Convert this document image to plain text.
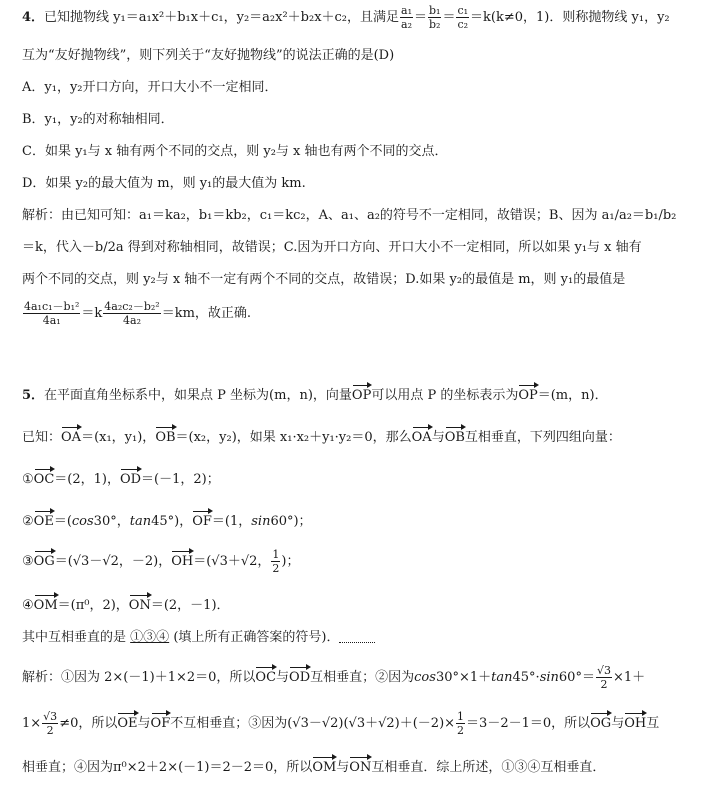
4．已知抛物线 y₁＝a₁x²＋b₁x＋c₁，y₂＝a₂x²＋b₂x＋c₂，且满足 $\frac{\text{a₁}}{\text{a₂}} = \frac{\text{b₁}}{\text{b₂}} = \frac{\text{c₁}}{\text{c₂}} =k(k\ne 0$，1)．则称抛物线 y₁，y₂
互为“友好抛物线”，则下列关于“友好抛物线”的说法正确的是(D)
A．y₁，y₂开口方向，开口大小不一定相同．
B．y₁，y₂的对称轴相同．
C．如果 y₁与 x 轴有两个不同的交点，则 y₂与 x 轴也有两个不同的交点．
D．如果 y₂的最大值为 m，则 y₁的最大值为 km.
解析：由已知可知：a₁＝ka₂，b₁＝kb₂，c₁＝kc₂，A、a₁、a₂的符号不一定相同，故错误；B、因为 a₁/a₂＝b₁/b₂
＝k，代入－b/2a 得到对称轴相同，故错误；C.因为开口方向、开口大小不一定相同，所以如果 y₁与 x 轴有
两个不同的交点，则 y₂与 x 轴不一定有两个不同的交点，故错误；D.如果 y₂的最值是 m，则 y₁的最值是
$\frac{\text{4a₁c₁－b₁²}}{\text{4a₁}} =k \frac{\text{4a₂c₂－b₂²}}{\text{4a₂}} =km$，故正确.
5．在平面直角坐标系中，如果点 P 坐标为(m，n)，向量OP可以用点 P 的坐标表示为OP＝(m，n)．
已知：OA＝(x₁，y₁)，OB＝(x₂，y₂)，如果 x₁·x₂＋y₁·y₂＝0，那么OA与OB互相垂直，下列四组向量：
①OC＝(2，1)，OD＝(－1，2)；
②OE＝(cos30°，tan45°)，OF＝(1，sin60°)；
③OG＝(√3－√2，－2)，OH＝(√3＋√2， $\frac{1}{2}$ )；
④OM＝(π⁰，2)，ON＝(2，－1)．
其中互相垂直的是 ①③④ (填上所有正确答案的符号)．
解析：①因为 2×(－1)＋1×2＝0，所以OC与OD互相垂直；②因为$\cos 30^\circ\times 1+\tan 45^\circ\cdot\sin 60^\circ= \frac{√3}{2} \times 1+$
$1\times \frac{√3}{2} \ne 0$，所以OE与OF不互相垂直；③因为$(√3-√2)(√3+√2)+(-2)\times \frac{1}{2} =3-2-1=0$，所以OG与OH互
相垂直；④因为π⁰×2＋2×(－1)＝2－2＝0，所以OM与ON互相垂直．综上所述，①③④互相垂直．
